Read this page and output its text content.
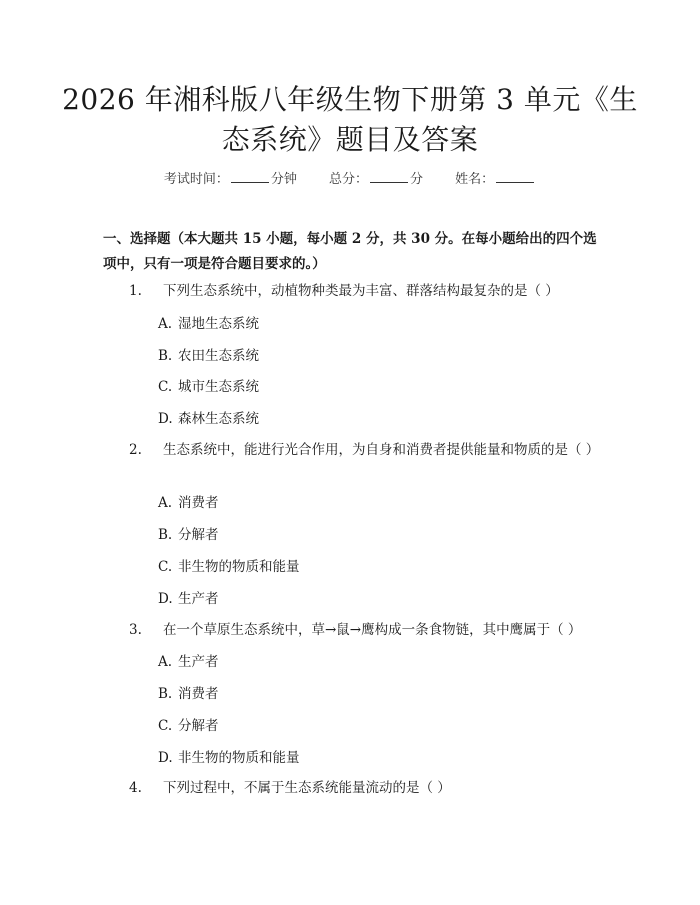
2026 年湘科版八年级生物下册第 3 单元《生
态系统》题目及答案
考试时间：	分钟 总分：	分 姓名：
一、选择题（本大题共 15 小题，每小题 2 分，共 30 分。在每小题给出的四个选项中，只有一项是符合题目要求的。）
1. 下列生态系统中，动植物种类最为丰富、群落结构最复杂的是（ ）
A. 湿地生态系统
B. 农田生态系统
C. 城市生态系统
D. 森林生态系统
2. 生态系统中，能进行光合作用，为自身和消费者提供能量和物质的是（ ）
A. 消费者
B. 分解者
C. 非生物的物质和能量
D. 生产者
3. 在一个草原生态系统中，草→鼠→鹰构成一条食物链，其中鹰属于（ ）
A. 生产者
B. 消费者
C. 分解者
D. 非生物的物质和能量
4. 下列过程中，不属于生态系统能量流动的是（ ）
